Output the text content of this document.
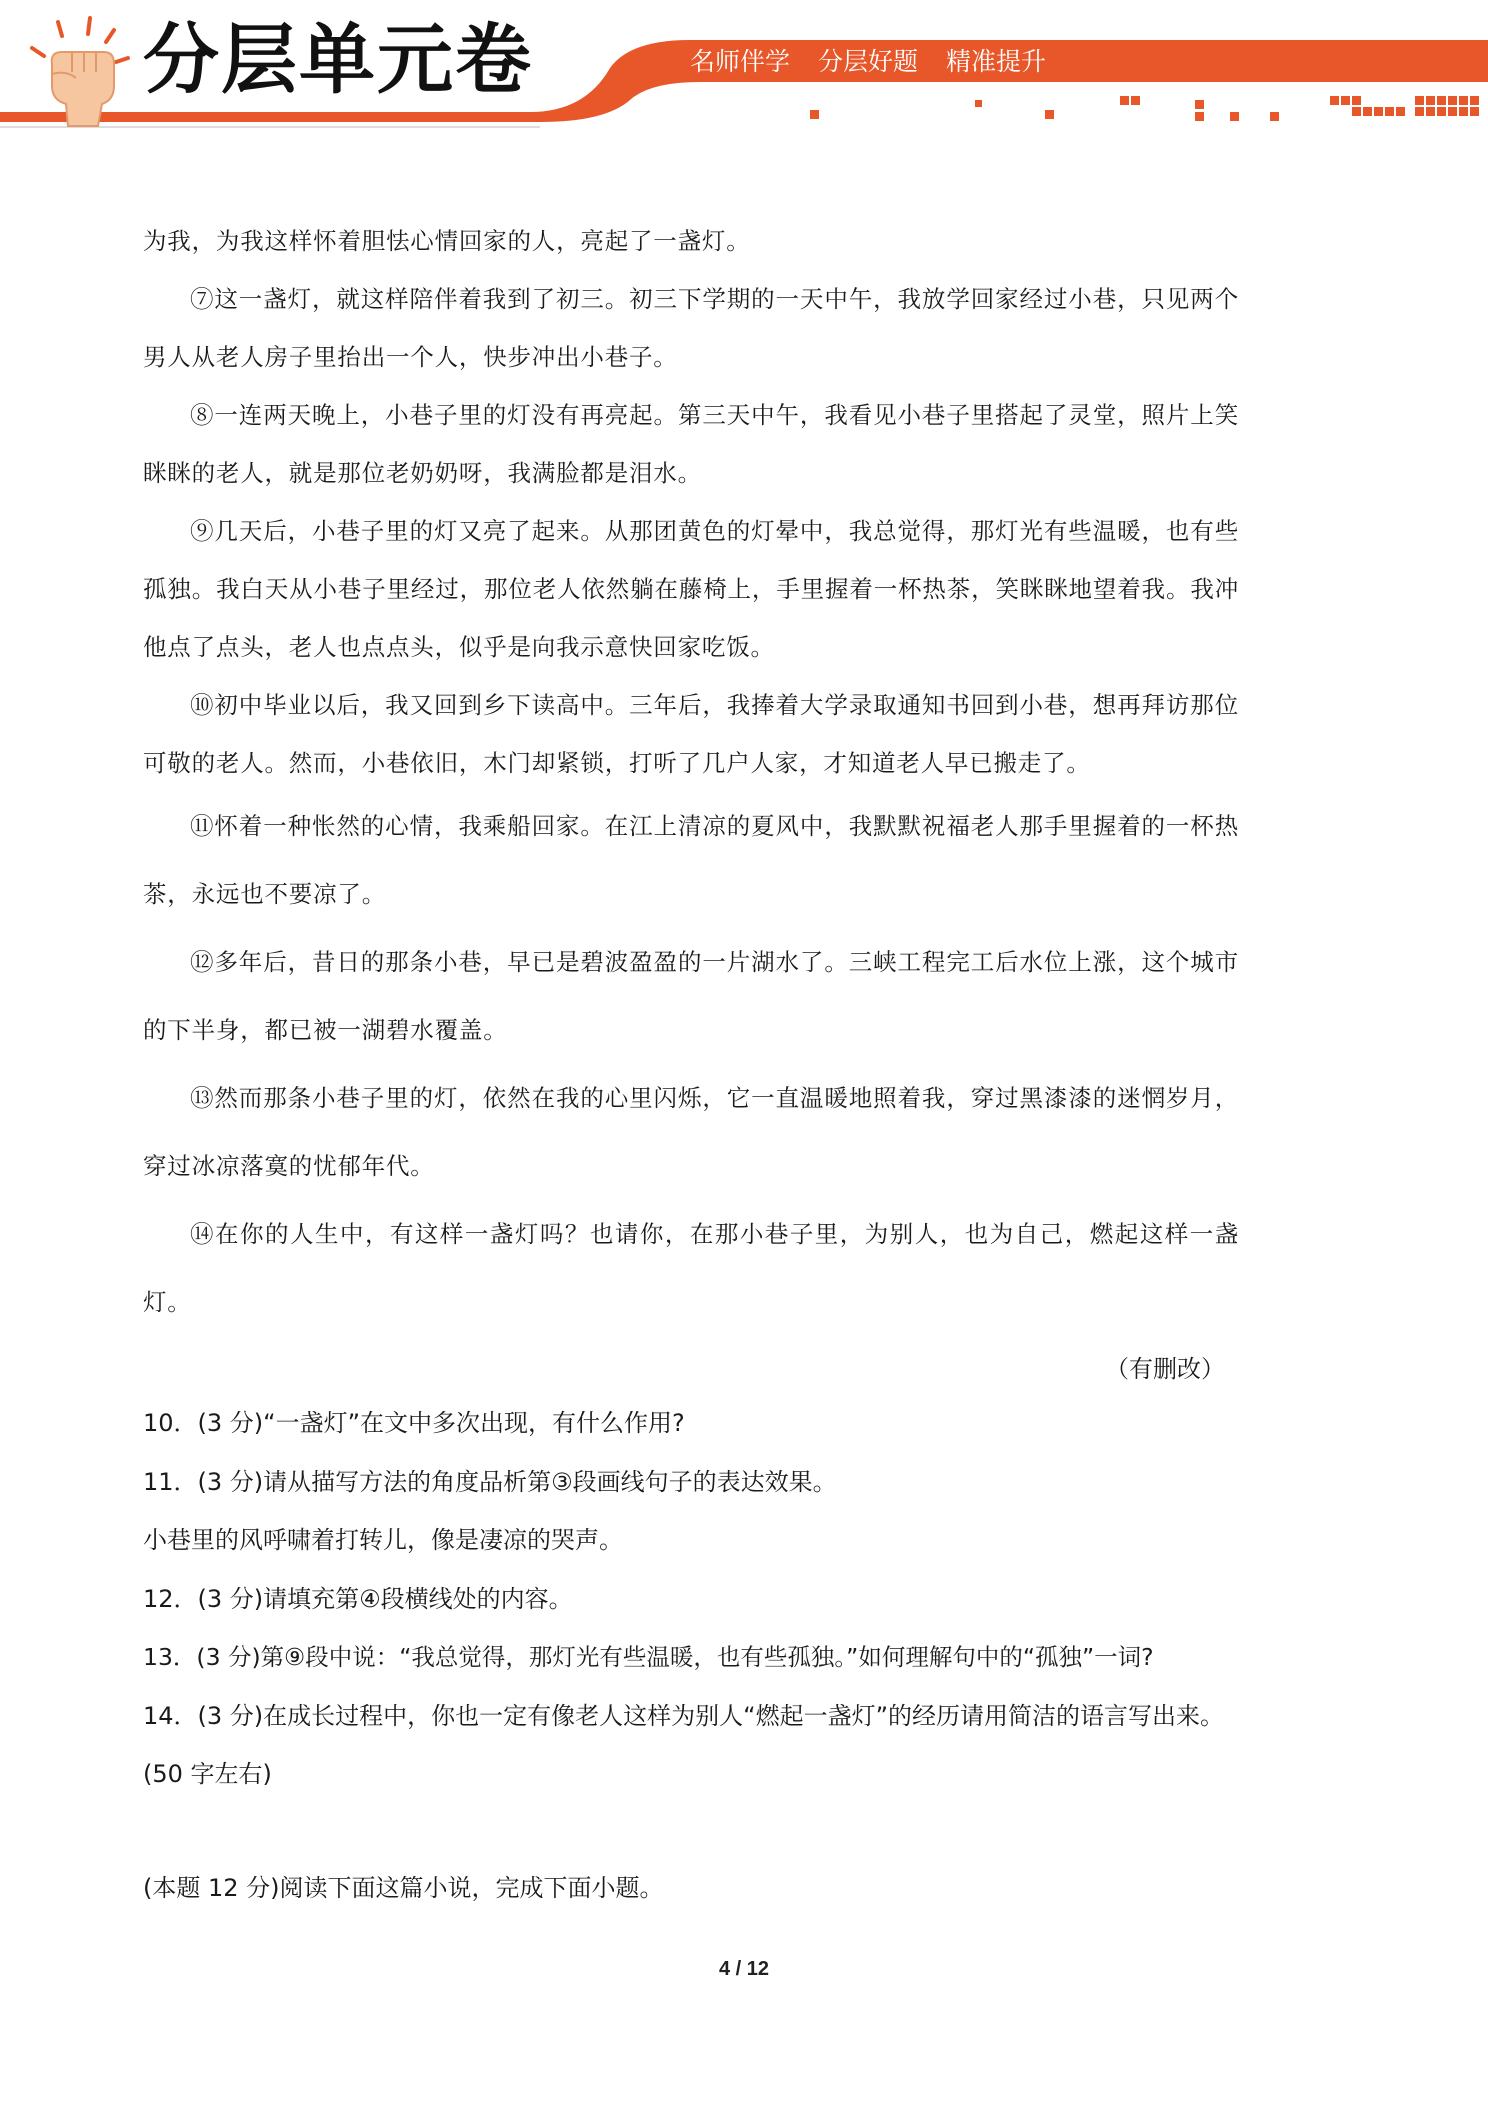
分层单元卷	名师伴学 分层好题 精准提升

为我，为我这样怀着胆怯心情回家的人，亮起了一盏灯。

⑦这一盏灯，就这样陪伴着我到了初三。初三下学期的一天中午，我放学回家经过小巷，只见两个男人从老人房子里抬出一个人，快步冲出小巷子。

⑧一连两天晚上，小巷子里的灯没有再亮起。第三天中午，我看见小巷子里搭起了灵堂，照片上笑眯眯的老人，就是那位老奶奶呀，我满脸都是泪水。

⑨几天后，小巷子里的灯又亮了起来。从那团黄色的灯晕中，我总觉得，那灯光有些温暖，也有些孤独。我白天从小巷子里经过，那位老人依然躺在藤椅上，手里握着一杯热茶，笑眯眯地望着我。我冲他点了点头，老人也点点头，似乎是向我示意快回家吃饭。

⑩初中毕业以后，我又回到乡下读高中。三年后，我捧着大学录取通知书回到小巷，想再拜访那位可敬的老人。然而，小巷依旧，木门却紧锁，打听了几户人家，才知道老人早已搬走了。

⑪怀着一种怅然的心情，我乘船回家。在江上清凉的夏风中，我默默祝福老人那手里握着的一杯热茶，永远也不要凉了。

⑫多年后，昔日的那条小巷，早已是碧波盈盈的一片湖水了。三峡工程完工后水位上涨，这个城市的下半身，都已被一湖碧水覆盖。

⑬然而那条小巷子里的灯，依然在我的心里闪烁，它一直温暖地照着我，穿过黑漆漆的迷惘岁月，穿过冰凉落寞的忧郁年代。

⑭在你的人生中，有这样一盏灯吗？也请你，在那小巷子里，为别人，也为自己，燃起这样一盏灯。

（有删改）

10．(3 分)“一盏灯”在文中多次出现，有什么作用?

11．(3 分)请从描写方法的角度品析第③段画线句子的表达效果。

小巷里的风呼啸着打转儿，像是凄凉的哭声。

12．(3 分)请填充第④段横线处的内容。

13．(3 分)第⑨段中说：“我总觉得，那灯光有些温暖，也有些孤独。”如何理解句中的“孤独”一词?

14．(3 分)在成长过程中，你也一定有像老人这样为别人“燃起一盏灯”的经历请用简洁的语言写出来。(50 字左右)

(本题 12 分)阅读下面这篇小说，完成下面小题。

4 / 12
